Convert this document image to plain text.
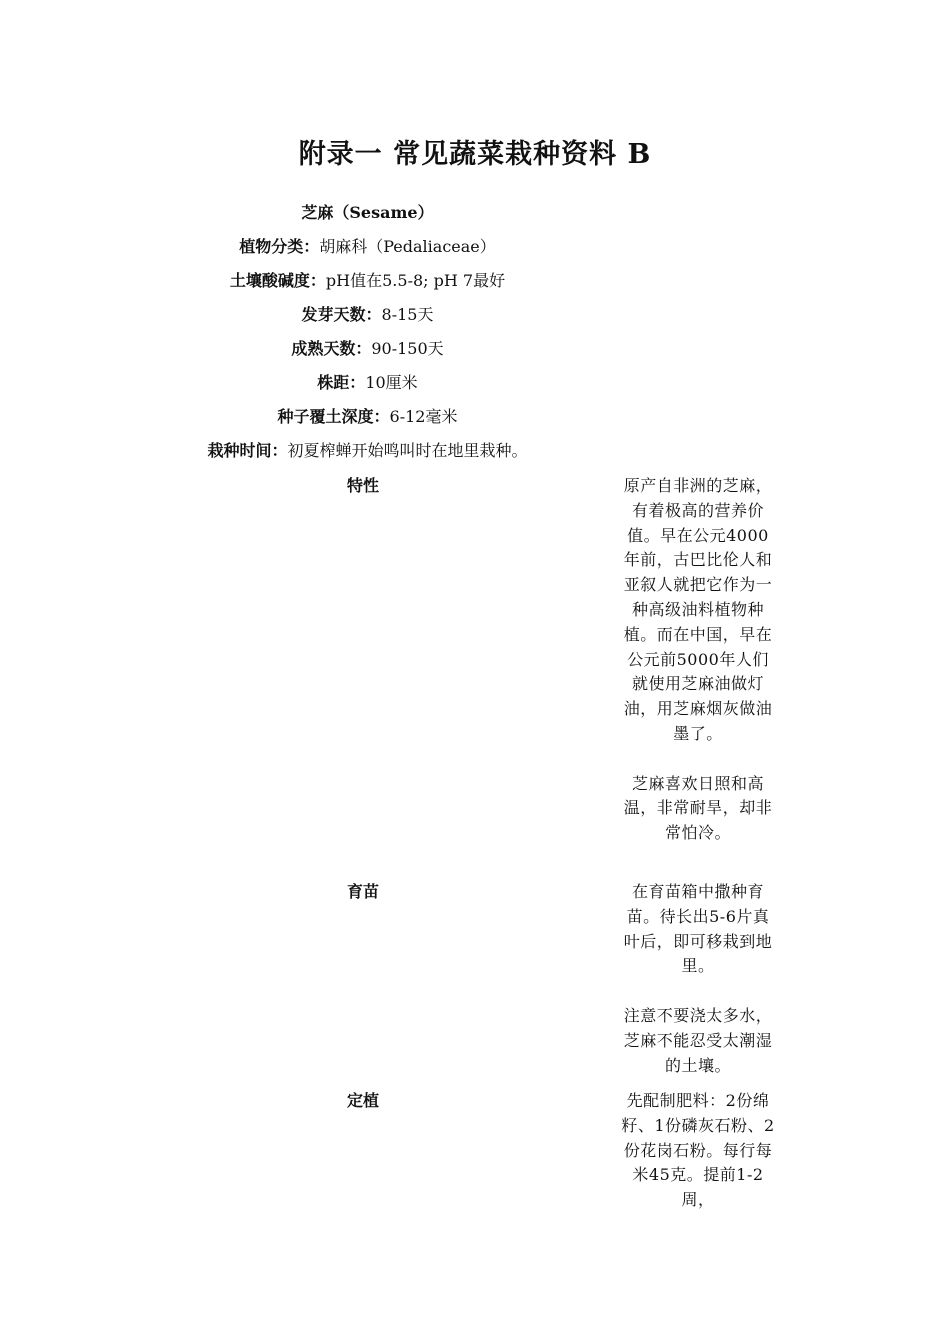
附录一 常见蔬菜栽种资料 B
芝麻（Sesame）
植物分类：胡麻科（Pedaliaceae）
土壤酸碱度：pH值在5.5-8; pH 7最好
发芽天数：8-15天
成熟天数：90-150天
株距：10厘米
种子覆土深度：6-12毫米
栽种时间：初夏榨蝉开始鸣叫时在地里栽种。
特性	原产自非洲的芝麻，有着极高的营养价值。早在公元4000年前，古巴比伦人和亚叙人就把它作为一种高级油料植物种植。而在中国，早在公元前5000年人们就使用芝麻油做灯油，用芝麻烟灰做油墨了。

芝麻喜欢日照和高温，非常耐旱，却非常怕冷。

育苗	在育苗箱中撒种育苗。待长出5-6片真叶后，即可移栽到地里。

注意不要浇太多水，芝麻不能忍受太潮湿的土壤。

定植	先配制肥料：2份绵籽、1份磷灰石粉、2份花岗石粉。每行每米45克。提前1-2周，
